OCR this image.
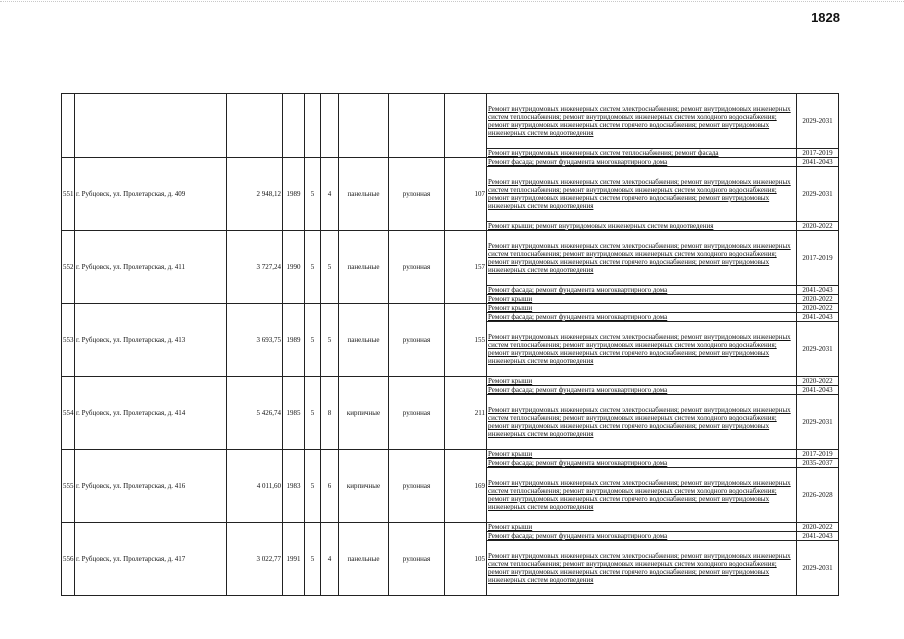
1828
									Ремонт внутридомовых инженерных систем электроснабжения; ремонт внутридомовых инженерных систем теплоснабжения; ремонт внутридомовых инженерных систем холодного водоснабжения; ремонт внутридомовых инженерных систем горячего водоснабжения; ремонт внутридомовых инженерных систем водоотведения	2029-2031
									Ремонт внутридомовых инженерных систем теплоснабжения; ремонт фасада	2017-2019
551	г. Рубцовск, ул. Пролетарская, д. 409	2 948,12	1989	5	4	панельные	рулонная	107	Ремонт фасада; ремонт фундамента многоквартирного дома	2041-2043
									Ремонт внутридомовых инженерных систем электроснабжения; ремонт внутридомовых инженерных систем теплоснабжения; ремонт внутридомовых инженерных систем холодного водоснабжения; ремонт внутридомовых инженерных систем горячего водоснабжения; ремонт внутридомовых инженерных систем водоотведения	2029-2031
									Ремонт крыши; ремонт внутридомовых инженерных систем водоотведения	2020-2022
552	г. Рубцовск, ул. Пролетарская, д. 411	3 727,24	1990	5	5	панельные	рулонная	157	Ремонт внутридомовых инженерных систем электроснабжения; ремонт внутридомовых инженерных систем теплоснабжения; ремонт внутридомовых инженерных систем холодного водоснабжения; ремонт внутридомовых инженерных систем горячего водоснабжения; ремонт внутридомовых инженерных систем водоотведения	2017-2019
									Ремонт фасада; ремонт фундамента многоквартирного дома	2041-2043
									Ремонт крыши	2020-2022
553	г. Рубцовск, ул. Пролетарская, д. 413	3 693,75	1989	5	5	панельные	рулонная	155	Ремонт крыши	2020-2022
									Ремонт фасада; ремонт фундамента многоквартирного дома	2041-2043
									Ремонт внутридомовых инженерных систем электроснабжения; ремонт внутридомовых инженерных систем теплоснабжения; ремонт внутридомовых инженерных систем холодного водоснабжения; ремонт внутридомовых инженерных систем горячего водоснабжения; ремонт внутридомовых инженерных систем водоотведения	2029-2031
554	г. Рубцовск, ул. Пролетарская, д. 414	5 426,74	1985	5	8	кирпичные	рулонная	211	Ремонт крыши	2020-2022
									Ремонт фасада; ремонт фундамента многоквартирного дома	2041-2043
									Ремонт внутридомовых инженерных систем электроснабжения; ремонт внутридомовых инженерных систем теплоснабжения; ремонт внутридомовых инженерных систем холодного водоснабжения; ремонт внутридомовых инженерных систем горячего водоснабжения; ремонт внутридомовых инженерных систем водоотведения	2029-2031
555	г. Рубцовск, ул. Пролетарская, д. 416	4 011,60	1983	5	6	кирпичные	рулонная	169	Ремонт крыши	2017-2019
									Ремонт фасада; ремонт фундамента многоквартирного дома	2035-2037
									Ремонт внутридомовых инженерных систем электроснабжения; ремонт внутридомовых инженерных систем теплоснабжения; ремонт внутридомовых инженерных систем холодного водоснабжения; ремонт внутридомовых инженерных систем горячего водоснабжения; ремонт внутридомовых инженерных систем водоотведения	2026-2028
556	г. Рубцовск, ул. Пролетарская, д. 417	3 022,77	1991	5	4	панельные	рулонная	105	Ремонт крыши	2020-2022
									Ремонт фасада; ремонт фундамента многоквартирного дома	2041-2043
									Ремонт внутридомовых инженерных систем электроснабжения; ремонт внутридомовых инженерных систем теплоснабжения; ремонт внутридомовых инженерных систем холодного водоснабжения; ремонт внутридомовых инженерных систем горячего водоснабжения; ремонт внутридомовых инженерных систем водоотведения	2029-2031
